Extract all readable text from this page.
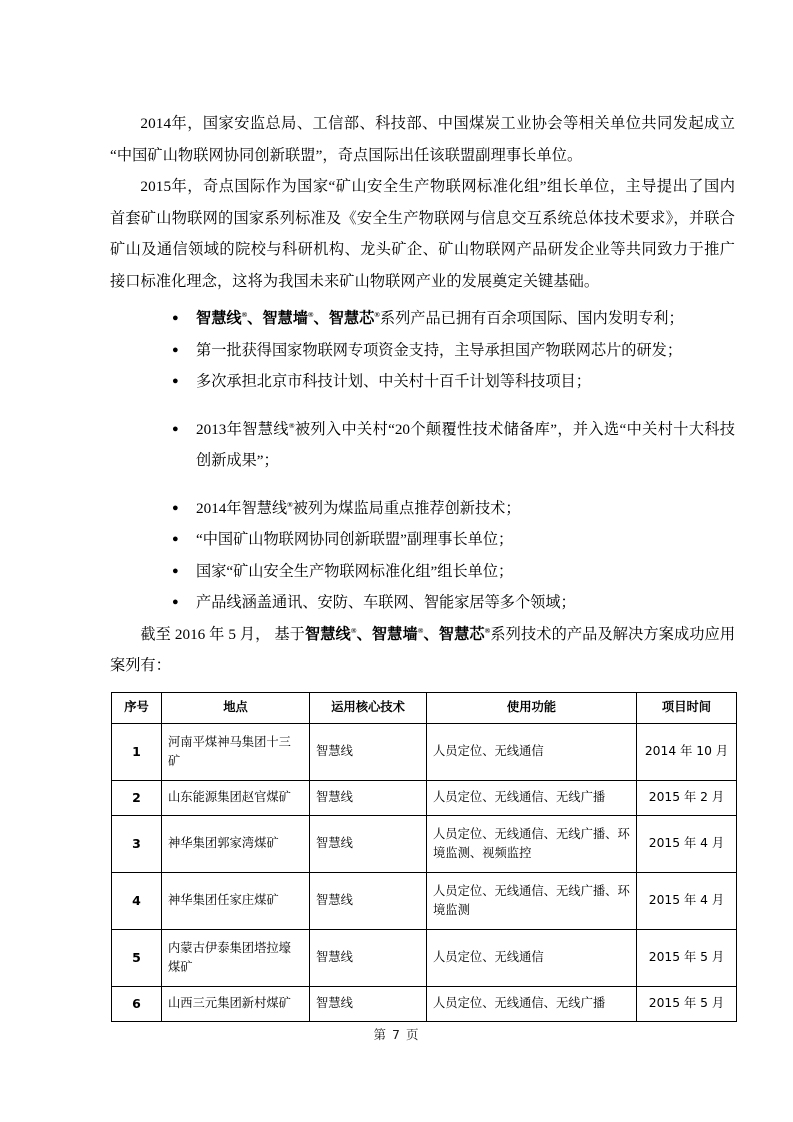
2014年，国家安监总局、工信部、科技部、中国煤炭工业协会等相关单位共同发起成立“中国矿山物联网协同创新联盟”，奇点国际出任该联盟副理事长单位。

2015年，奇点国际作为国家“矿山安全生产物联网标准化组”组长单位，主导提出了国内首套矿山物联网的国家系列标准及《安全生产物联网与信息交互系统总体技术要求》，并联合矿山及通信领域的院校与科研机构、龙头矿企、矿山物联网产品研发企业等共同致力于推广接口标准化理念，这将为我国未来矿山物联网产业的发展奠定关键基础。

● 智慧线®、智慧墙®、智慧芯®系列产品已拥有百余项国际、国内发明专利；
● 第一批获得国家物联网专项资金支持，主导承担国产物联网芯片的研发；
● 多次承担北京市科技计划、中关村十百千计划等科技项目；
● 2013年智慧线®被列入中关村“20个颠覆性技术储备库”，并入选“中关村十大科技创新成果”；
● 2014年智慧线®被列为煤监局重点推荐创新技术；
● “中国矿山物联网协同创新联盟”副理事长单位；
● 国家“矿山安全生产物联网标准化组”组长单位；
● 产品线涵盖通讯、安防、车联网、智能家居等多个领域；

截至 2016 年 5 月， 基于智慧线®、智慧墙®、智慧芯®系列技术的产品及解决方案成功应用案列有：

序号	地点	运用核心技术	使用功能	项目时间
1	河南平煤神马集团十三矿	智慧线	人员定位、无线通信	2014 年 10 月
2	山东能源集团赵官煤矿	智慧线	人员定位、无线通信、无线广播	2015 年 2 月
3	神华集团郭家湾煤矿	智慧线	人员定位、无线通信、无线广播、环境监测、视频监控	2015 年 4 月
4	神华集团任家庄煤矿	智慧线	人员定位、无线通信、无线广播、环境监测	2015 年 4 月
5	内蒙古伊泰集团塔拉壕煤矿	智慧线	人员定位、无线通信	2015 年 5 月
6	山西三元集团新村煤矿	智慧线	人员定位、无线通信、无线广播	2015 年 5 月
第 7 页
